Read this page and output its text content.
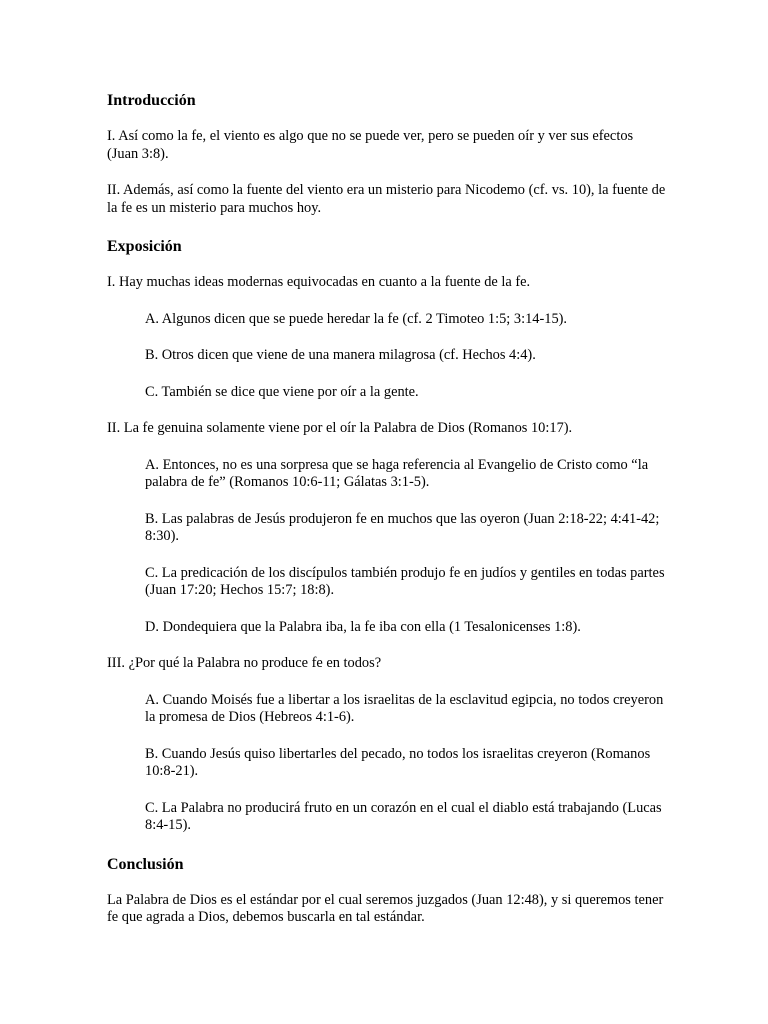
Introducción

I. Así como la fe, el viento es algo que no se puede ver, pero se pueden oír y ver sus efectos (Juan 3:8).

II. Además, así como la fuente del viento era un misterio para Nicodemo (cf. vs. 10), la fuente de la fe es un misterio para muchos hoy.

Exposición

I. Hay muchas ideas modernas equivocadas en cuanto a la fuente de la fe.

A. Algunos dicen que se puede heredar la fe (cf. 2 Timoteo 1:5; 3:14-15).

B. Otros dicen que viene de una manera milagrosa (cf. Hechos 4:4).

C. También se dice que viene por oír a la gente.

II. La fe genuina solamente viene por el oír la Palabra de Dios (Romanos 10:17).

A. Entonces, no es una sorpresa que se haga referencia al Evangelio de Cristo como “la palabra de fe” (Romanos 10:6-11; Gálatas 3:1-5).

B. Las palabras de Jesús produjeron fe en muchos que las oyeron (Juan 2:18-22; 4:41-42; 8:30).

C. La predicación de los discípulos también produjo fe en judíos y gentiles en todas partes (Juan 17:20; Hechos 15:7; 18:8).

D. Dondequiera que la Palabra iba, la fe iba con ella (1 Tesalonicenses 1:8).

III. ¿Por qué la Palabra no produce fe en todos?

A. Cuando Moisés fue a libertar a los israelitas de la esclavitud egipcia, no todos creyeron la promesa de Dios (Hebreos 4:1-6).

B. Cuando Jesús quiso libertarles del pecado, no todos los israelitas creyeron (Romanos 10:8-21).

C. La Palabra no producirá fruto en un corazón en el cual el diablo está trabajando (Lucas 8:4-15).

Conclusión

La Palabra de Dios es el estándar por el cual seremos juzgados (Juan 12:48), y si queremos tener fe que agrada a Dios, debemos buscarla en tal estándar.
